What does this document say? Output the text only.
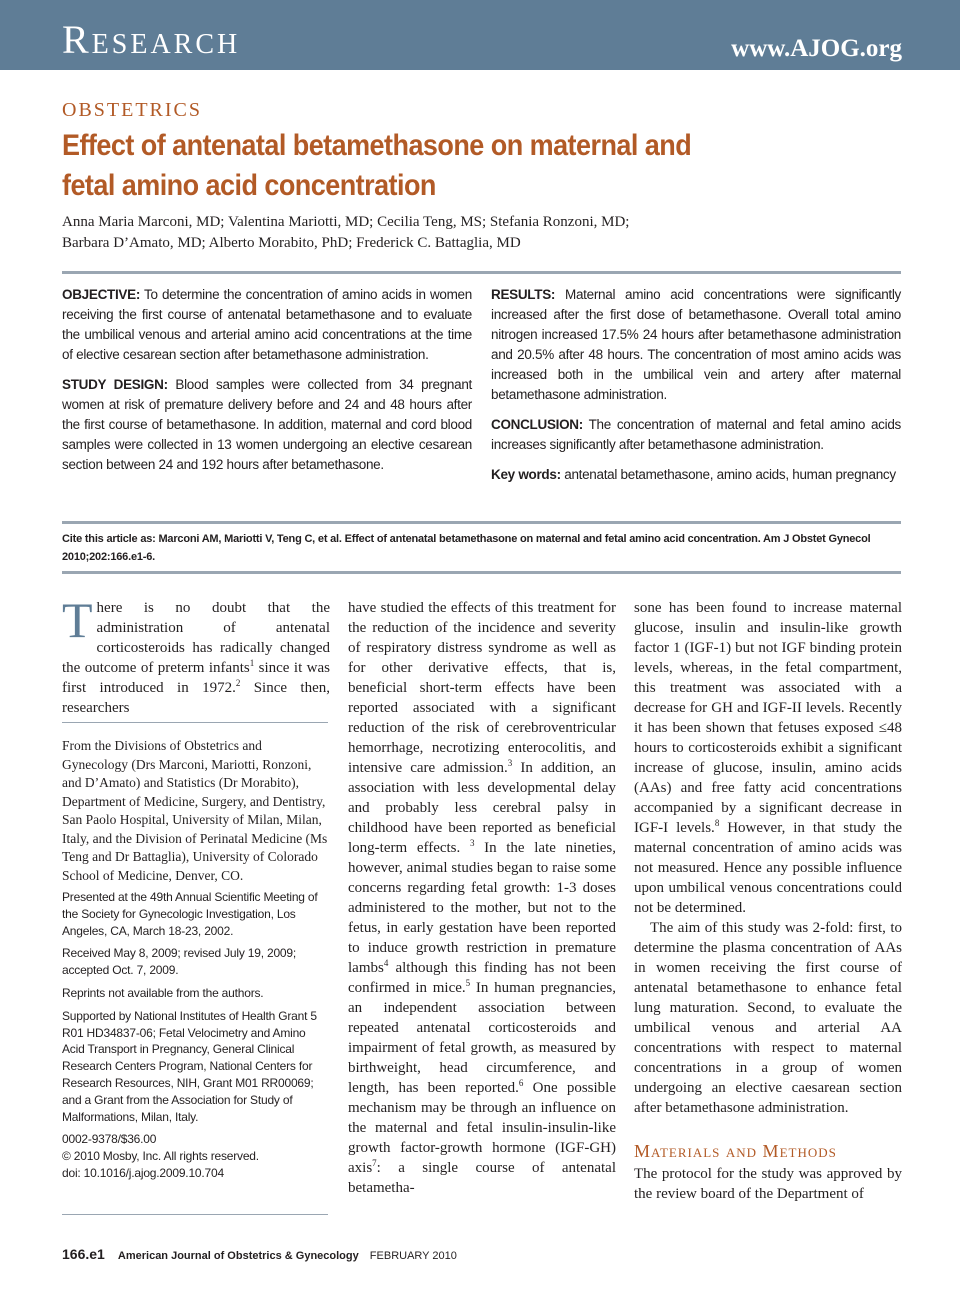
Research	www.AJOG.org
OBSTETRICS
Effect of antenatal betamethasone on maternal and fetal amino acid concentration
Anna Maria Marconi, MD; Valentina Mariotti, MD; Cecilia Teng, MS; Stefania Ronzoni, MD;
Barbara D’Amato, MD; Alberto Morabito, PhD; Frederick C. Battaglia, MD

OBJECTIVE: To determine the concentration of amino acids in women receiving the first course of antenatal betamethasone and to evaluate the umbilical venous and arterial amino acid concentrations at the time of elective cesarean section after betamethasone administration.

STUDY DESIGN: Blood samples were collected from 34 pregnant women at risk of premature delivery before and 24 and 48 hours after the first course of betamethasone. In addition, maternal and cord blood samples were collected in 13 women undergoing an elective cesarean section between 24 and 192 hours after betamethasone.

RESULTS: Maternal amino acid concentrations were significantly increased after the first dose of betamethasone. Overall total amino nitrogen increased 17.5% 24 hours after betamethasone administration and 20.5% after 48 hours. The concentration of most amino acids was increased both in the umbilical vein and artery after maternal betamethasone administration.

CONCLUSION: The concentration of maternal and fetal amino acids increases significantly after betamethasone administration.

Key words: antenatal betamethasone, amino acids, human pregnancy

Cite this article as: Marconi AM, Mariotti V, Teng C, et al. Effect of antenatal betamethasone on maternal and fetal amino acid concentration. Am J Obstet Gynecol 2010;202:166.e1-6.

There is no doubt that the administration of antenatal corticosteroids has radically changed the outcome of preterm infants$^1$ since it was first introduced in 1972.$^2$ Since then, researchers

From the Divisions of Obstetrics and Gynecology (Drs Marconi, Mariotti, Ronzoni, and D’Amato) and Statistics (Dr Morabito), Department of Medicine, Surgery, and Dentistry, San Paolo Hospital, University of Milan, Milan, Italy, and the Division of Perinatal Medicine (Ms Teng and Dr Battaglia), University of Colorado School of Medicine, Denver, CO.

Presented at the 49th Annual Scientific Meeting of the Society for Gynecologic Investigation, Los Angeles, CA, March 18-23, 2002.

Received May 8, 2009; revised July 19, 2009; accepted Oct. 7, 2009.

Reprints not available from the authors.

Supported by National Institutes of Health Grant 5 R01 HD34837-06; Fetal Velocimetry and Amino Acid Transport in Pregnancy, General Clinical Research Centers Program, National Centers for Research Resources, NIH, Grant M01 RR00069; and a Grant from the Association for Study of Malformations, Milan, Italy.

0002-9378/$36.00
© 2010 Mosby, Inc. All rights reserved.
doi: 10.1016/j.ajog.2009.10.704

have studied the effects of this treatment for the reduction of the incidence and severity of respiratory distress syndrome as well as for other derivative effects, that is, beneficial short-term effects have been reported associated with a significant reduction of the risk of cerebroventricular hemorrhage, necrotizing enterocolitis, and intensive care admission.$^3$ In addition, an association with less developmental delay and probably less cerebral palsy in childhood have been reported as beneficial long-term effects. $^3$ In the late nineties, however, animal studies began to raise some concerns regarding fetal growth: 1-3 doses administered to the mother, but not to the fetus, in early gestation have been reported to induce growth restriction in premature lambs$^4$ although this finding has not been confirmed in mice.$^5$ In human pregnancies, an independent association between repeated antenatal corticosteroids and impairment of fetal growth, as measured by birthweight, head circumference, and length, has been reported.$^6$ One possible mechanism may be through an influence on the maternal and fetal insulin-insulin-like growth factor-growth hormone (IGF-GH) axis$^7$: a single course of antenatal betametha-

sone has been found to increase maternal glucose, insulin and insulin-like growth factor 1 (IGF-1) but not IGF binding protein levels, whereas, in the fetal compartment, this treatment was associated with a decrease for GH and IGF-II levels. Recently it has been shown that fetuses exposed ≤48 hours to corticosteroids exhibit a significant increase of glucose, insulin, amino acids (AAs) and free fatty acid concentrations accompanied by a significant decrease in IGF-I levels.$^8$ However, in that study the maternal concentration of amino acids was not measured. Hence any possible influence upon umbilical venous concentrations could not be determined.

The aim of this study was 2-fold: first, to determine the plasma concentration of AAs in women receiving the first course of antenatal betamethasone to enhance fetal lung maturation. Second, to evaluate the umbilical venous and arterial AA concentrations with respect to maternal concentrations in a group of women undergoing an elective caesarean section after betamethasone administration.

Materials and Methods

The protocol for the study was approved by the review board of the Department of

166.e1 American Journal of Obstetrics & Gynecology FEBRUARY 2010
